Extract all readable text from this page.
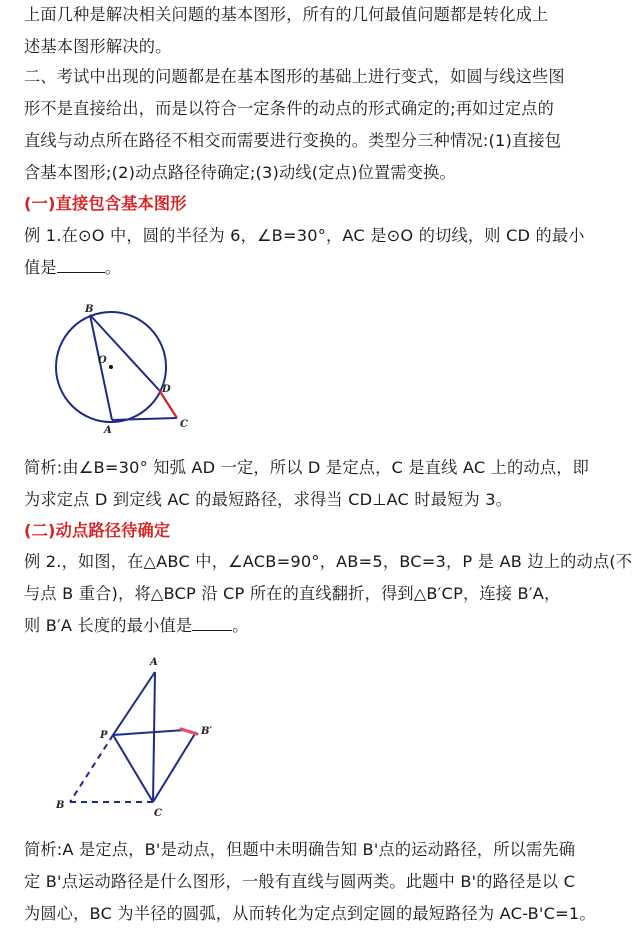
上面几种是解决相关问题的基本图形，所有的几何最值问题都是转化成上
述基本图形解决的。
二、考试中出现的问题都是在基本图形的基础上进行变式，如圆与线这些图
形不是直接给出，而是以符合一定条件的动点的形式确定的;再如过定点的
直线与动点所在路径不相交而需要进行变换的。类型分三种情况:(1)直接包
含基本图形;(2)动点路径待确定;(3)动线(定点)位置需变换。
(一)直接包含基本图形
例 1.在⊙O 中，圆的半径为 6，∠B=30°，AC 是⊙O 的切线，则 CD 的最小
值是	。
B
O
D
A
C
简析:由∠B=30° 知弧 AD 一定，所以 D 是定点，C 是直线 AC 上的动点，即
为求定点 D 到定线 AC 的最短路径，求得当 CD⊥AC 时最短为 3。
(二)动点路径待确定
例 2.，如图，在△ABC 中，∠ACB=90°，AB=5，BC=3，P 是 AB 边上的动点(不
与点 B 重合)，将△BCP 沿 CP 所在的直线翻折，得到△B′CP，连接 B′A，
则 B′A 长度的最小值是 。
A
P	B′
B
C
简析:A 是定点，B'是动点，但题中未明确告知 B'点的运动路径，所以需先确
定 B'点运动路径是什么图形，一般有直线与圆两类。此题中 B'的路径是以 C
为圆心，BC 为半径的圆弧，从而转化为定点到定圆的最短路径为 AC-B'C=1。
